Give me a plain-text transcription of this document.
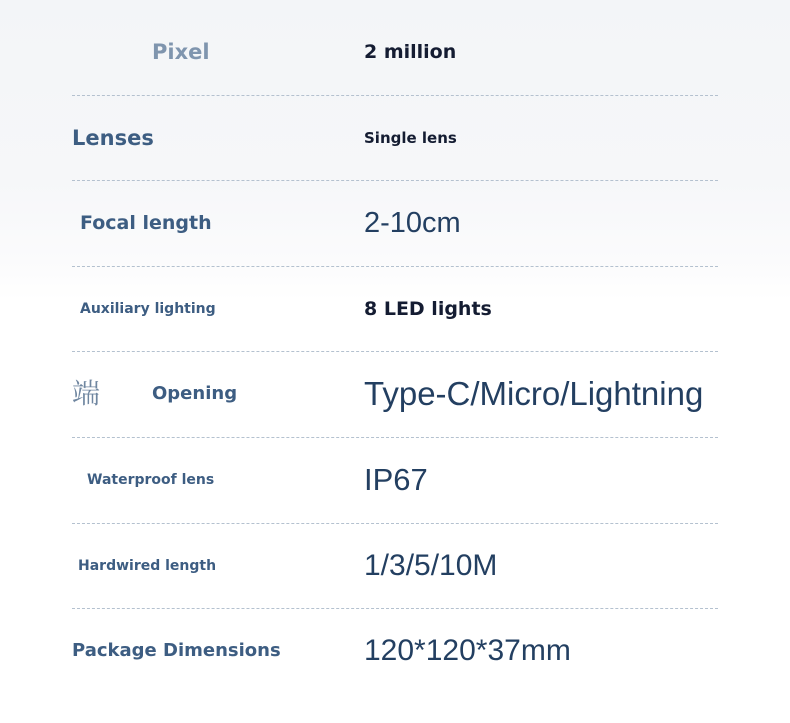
Pixel	2 million
Lenses	Single lens
Focal length	2-10cm
Auxiliary lighting	8 LED lights
端	Opening	Type-C/Micro/Lightning
Waterproof lens	IP67
Hardwired length	1/3/5/10M
Package Dimensions	120*120*37mm
